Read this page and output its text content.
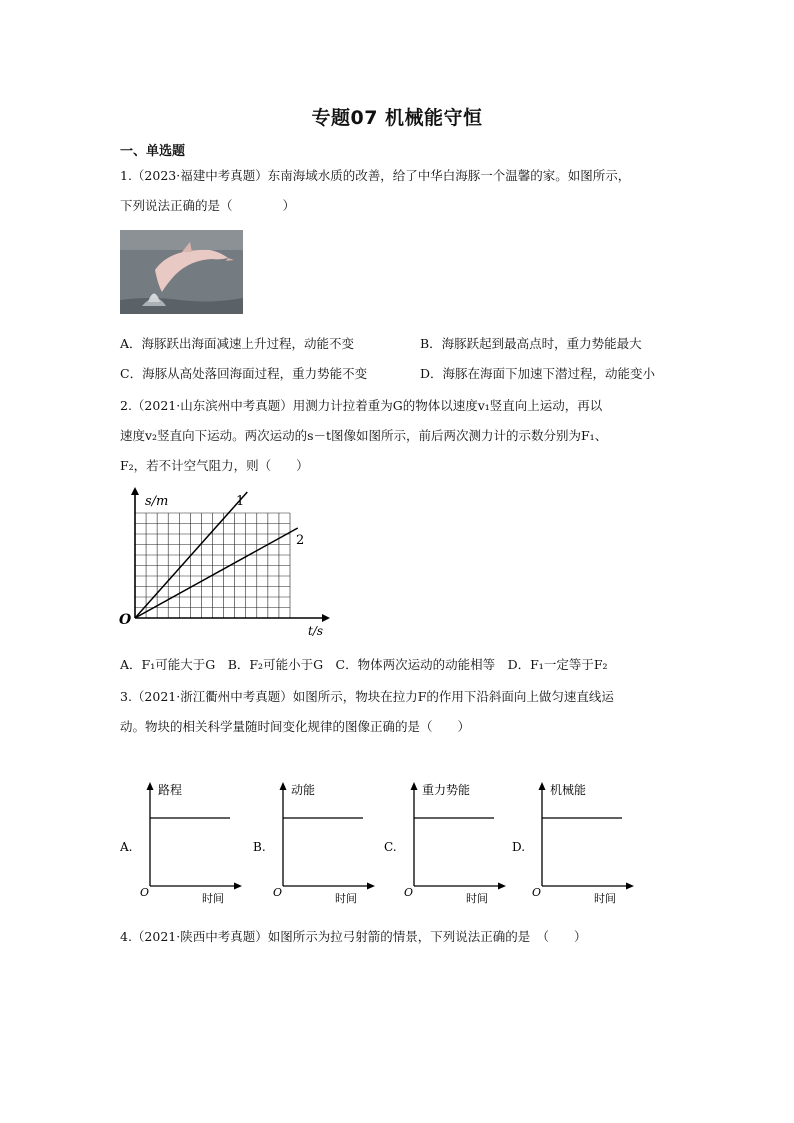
专题07 机械能守恒
一、单选题
1.（2023·福建中考真题）东南海域水质的改善，给了中华白海豚一个温馨的家。如图所示，
下列说法正确的是（　　　　）
A．海豚跃出海面减速上升过程，动能不变	B．海豚跃起到最高点时，重力势能最大
C．海豚从高处落回海面过程，重力势能不变	D．海豚在海面下加速下潜过程，动能变小
2.（2021·山东滨州中考真题）用测力计拉着重为G的物体以速度v₁竖直向上运动，再以
速度v₂竖直向下运动。两次运动的s－t图像如图所示，前后两次测力计的示数分别为F₁、
F₂，若不计空气阻力，则（　　）
s/m
t/s
O
1
2
A．F₁可能大于G　B．F₂可能小于G　C．物体两次运动的动能相等　D．F₁一定等于F₂
3.（2021·浙江衢州中考真题）如图所示，物块在拉力F的作用下沿斜面向上做匀速直线运
动。物块的相关科学量随时间变化规律的图像正确的是（　　）
A.
路程
时间
O
B.
动能
时间
O
C.
重力势能
时间
O
D.
机械能
时间
O
4.（2021·陕西中考真题）如图所示为拉弓射箭的情景，下列说法正确的是　（　　）
